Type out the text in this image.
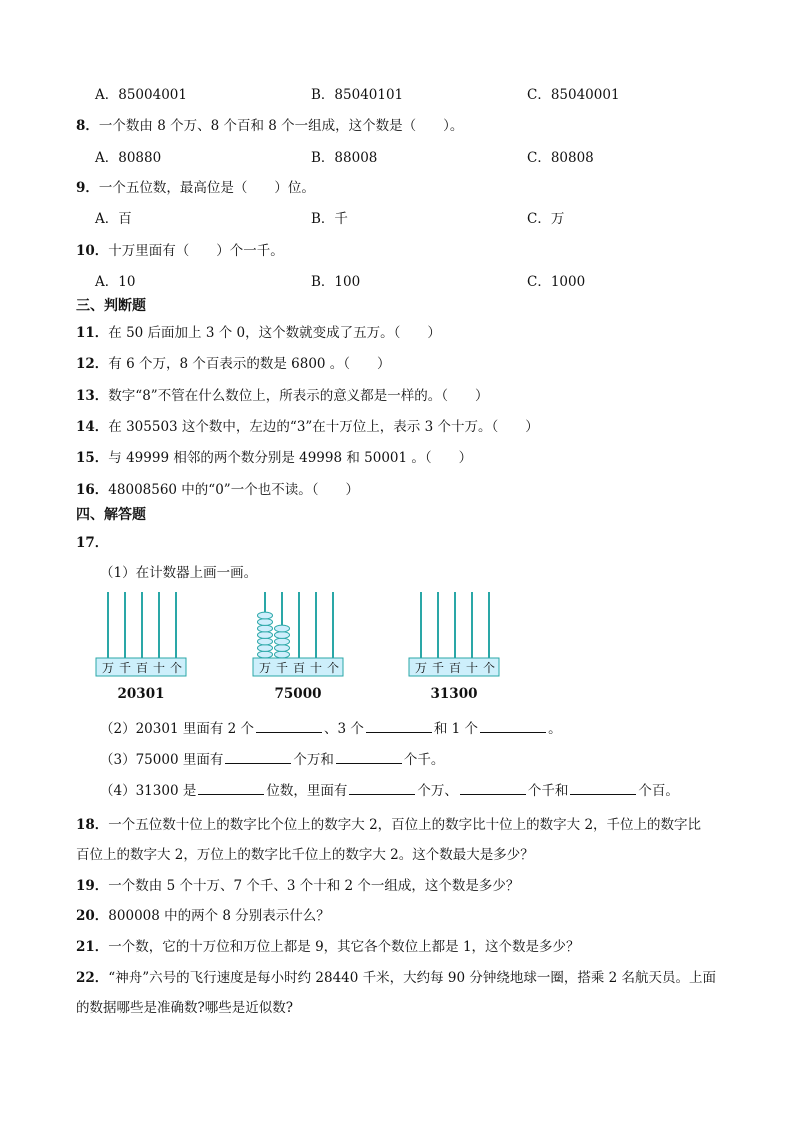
A．85004001	B．85040101	C．85040001
8．一个数由 8 个万、8 个百和 8 个一组成，这个数是（　　）。
A．80880	B．88008	C．80808
9．一个五位数，最高位是（　　）位。
A．百	B．千	C．万
10．十万里面有（　　）个一千。
A．10	B．100	C．1000
三、判断题
11．在 50 后面加上 3 个 0，这个数就变成了五万。（　　）
12．有 6 个万，8 个百表示的数是 6800 。（　　）
13．数字“8”不管在什么数位上，所表示的意义都是一样的。（　　）
14．在 305503 这个数中，左边的“3”在十万位上，表示 3 个十万。（　　）
15．与 49999 相邻的两个数分别是 49998 和 50001 。（　　）
16．48008560 中的“0”一个也不读。（　　）
四、解答题
17．
（1）在计数器上画一画。
万 千 百 十 个
20301
万 千 百 十 个
75000
万 千 百 十 个
31300
（2）20301 里面有 2 个	、3 个	和 1 个	。
（3）75000 里面有	个万和	个千。
（4）31300 是	位数，里面有	个万、	个千和	个百。
18．一个五位数十位上的数字比个位上的数字大 2，百位上的数字比十位上的数字大 2，千位上的数字比
百位上的数字大 2，万位上的数字比千位上的数字大 2。这个数最大是多少？
19．一个数由 5 个十万、7 个千、3 个十和 2 个一组成，这个数是多少？
20．800008 中的两个 8 分别表示什么？
21．一个数，它的十万位和万位上都是 9，其它各个数位上都是 1，这个数是多少？
22．“神舟”六号的飞行速度是每小时约 28440 千米，大约每 90 分钟绕地球一圈，搭乘 2 名航天员。上面
的数据哪些是准确数?哪些是近似数?
